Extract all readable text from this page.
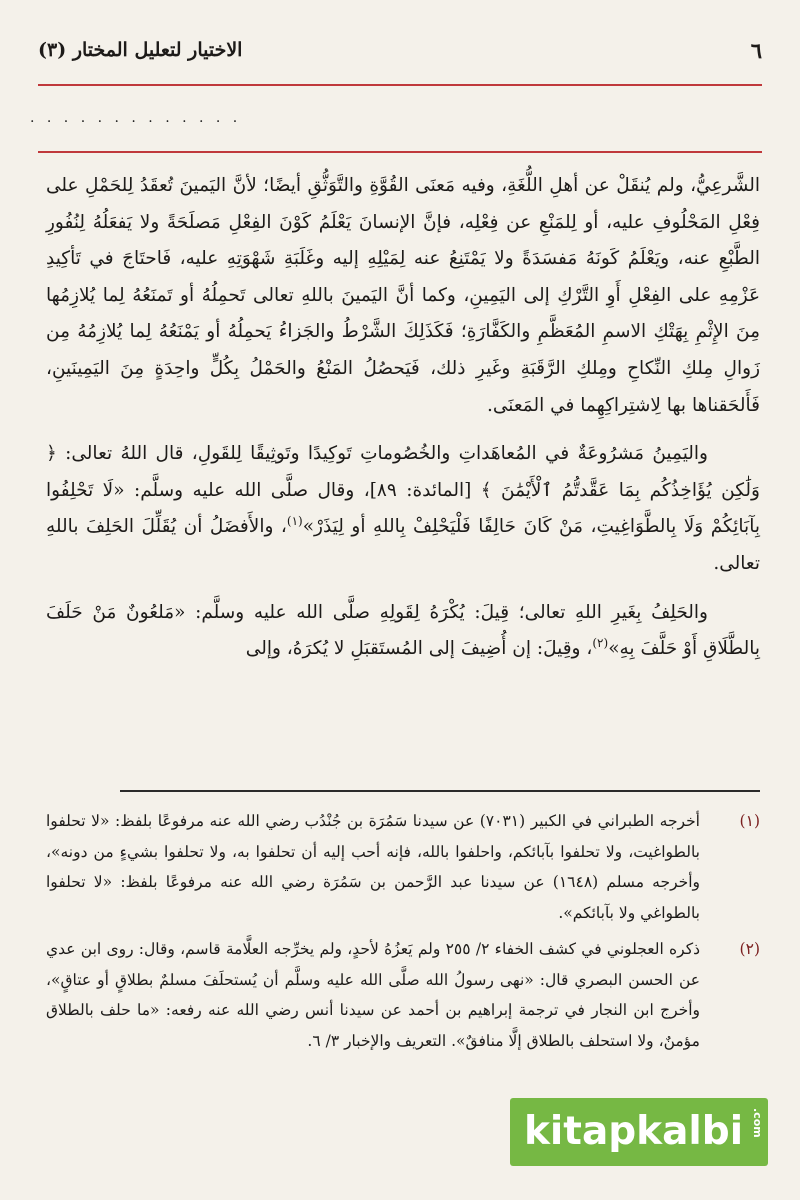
٦
الاختيار لتعليل المختار (٣)
. . . . . . . . . . . . .

الشَّرعِيُّ، ولم يُنقَلْ عن أهلِ اللُّغَةِ، وفيه مَعنَى القُوَّةِ والتَّوَثُّقِ أيضًا؛ لأنَّ اليَمينَ تُعقَدُ لِلحَمْلِ على فِعْلِ المَحْلُوفِ عليه، أو لِلمَنْعِ عن فِعْلِه، فإنَّ الإنسانَ يَعْلَمُ كَوْنَ الفِعْلِ مَصلَحَةً ولا يَفعَلُهُ لِنُفُورِ الطَّبْعِ عنه، ويَعْلَمُ كَونَهُ مَفسَدَةً ولا يَمْتَنِعُ عنه لِمَيْلِهِ إليه وغَلَبَةِ شَهْوَتِهِ عليه، فَاحتَاجَ في تَأكِيدِ عَزْمِهِ على الفِعْلِ أَوِ التَّرْكِ إلى اليَمِينِ، وكما أنَّ اليَمينَ باللهِ تعالى تَحمِلُهُ أو تَمنَعُهُ لِما يُلازِمُها مِنَ الإِثْمِ بِهَتْكِ الاسمِ المُعَظَّمِ والكَفَّارَةِ؛ فَكَذَلِكَ الشَّرْطُ والجَزاءُ يَحمِلُهُ أو يَمْنَعُهُ لِما يُلازِمُهُ مِن زَوالِ مِلكِ النِّكاحِ ومِلكِ الرَّقَبَةِ وغَيرِ ذلك، فَيَحصُلُ المَنْعُ والحَمْلُ بِكُلٍّ واحِدَةٍ مِنَ اليَمِينَينِ، فَأَلحَقناها بها لِاشتِراكِهِما في المَعنَى.

واليَمِينُ مَشرُوعَةٌ في المُعاهَداتِ والخُصُوماتِ تَوكِيدًا وتَوثِيقًا لِلقَولِ، قال اللهُ تعالى: ﴿ وَلَٰكِن يُؤَاخِذُكُم بِمَا عَقَّدتُّمُ ٱلْأَيْمَٰنَ ﴾ [المائدة: ٨٩]، وقال صلَّى الله عليه وسلَّم: «لَا تَحْلِفُوا بِآبَائِكُمْ وَلَا بِالطَّوَاغِيتِ، مَنْ كَانَ حَالِفًا فَلْيَحْلِفْ بِاللهِ أو لِيَذَرْ»$^{(١)}$، والأَفضَلُ أن يُقَلِّلَ الحَلِفَ باللهِ تعالى.

والحَلِفُ بِغَيرِ اللهِ تعالى؛ قِيلَ: يُكْرَهُ لِقَولِهِ صلَّى الله عليه وسلَّم: «مَلعُونٌ مَنْ حَلَفَ بِالطَّلَاقِ أَوْ حَلَّفَ بِهِ»$^{(٢)}$، وقِيلَ: إن أُضِيفَ إلى المُستَقبَلِ لا يُكرَهُ، وإلى

(١)
أخرجه الطبراني في الكبير (٧٠٣١) عن سيدنا سَمُرَة بن جُنْدُب رضي الله عنه مرفوعًا بلفظ: «لا تحلفوا بالطواغيت، ولا تحلفوا بآبائكم، واحلفوا بالله، فإنه أحب إليه أن تحلفوا به، ولا تحلفوا بشيءٍ من دونه»، وأخرجه مسلم (١٦٤٨) عن سيدنا عبد الرَّحمن بن سَمُرَة رضي الله عنه مرفوعًا بلفظ: «لا تحلفوا بالطواغي ولا بآبائكم».
(٢)
ذكره العجلوني في كشف الخفاء ٢/ ٢٥٥ ولم يَعزُهُ لأحدٍ، ولم يخرِّجه العلَّامة قاسم، وقال: روى ابن عدي عن الحسن البصري قال: «نهى رسولُ الله صلَّى الله عليه وسلَّم أن يُستحلَفَ مسلمٌ بطلاقٍ أو عتاقٍ»، وأخرج ابن النجار في ترجمة إبراهيم بن أحمد عن سيدنا أنس رضي الله عنه رفعه: «ما حلف بالطلاق مؤمنٌ، ولا استحلف بالطلاق إلَّا منافقٌ». التعريف والإخبار ٣/ ٦.
kitapkalbi .com
